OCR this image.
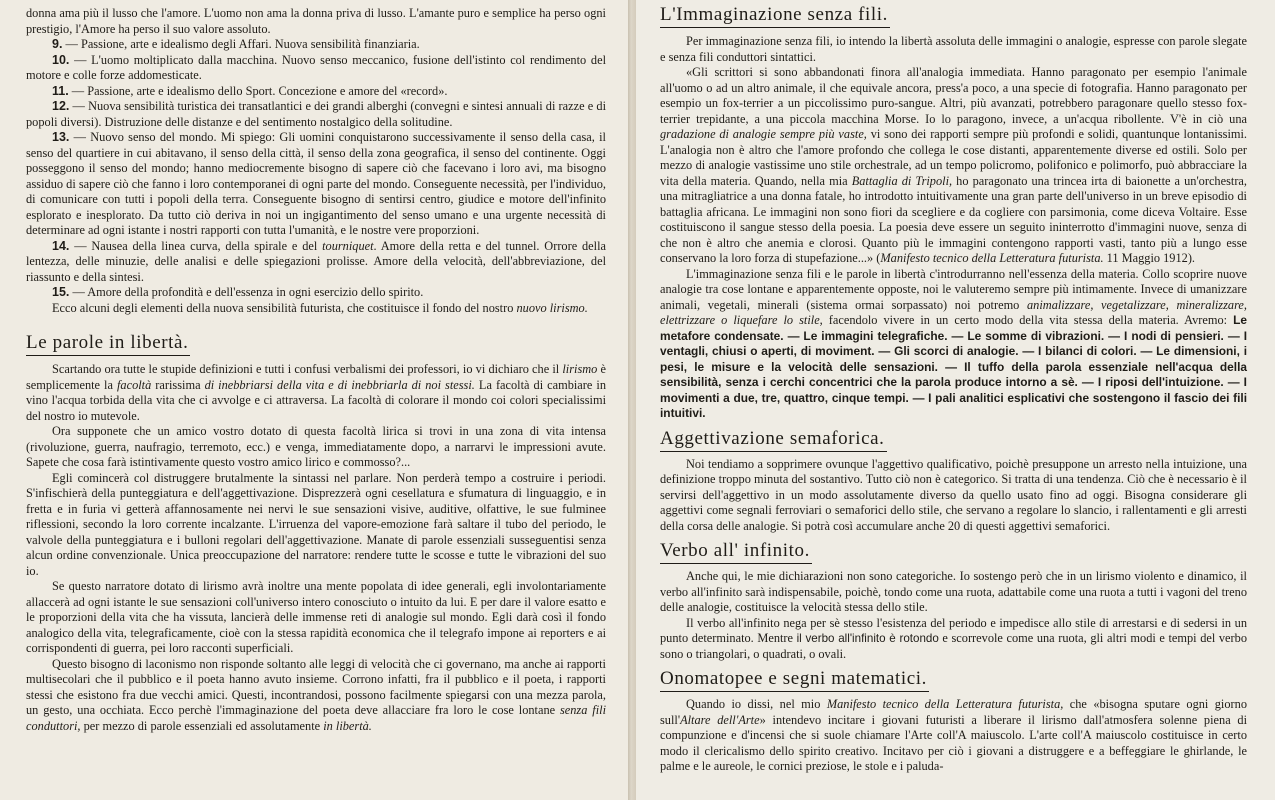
donna ama più il lusso che l'amore. L'uomo non ama la donna priva di lusso. L'amante puro e semplice ha perso ogni prestigio, l'Amore ha perso il suo valore assoluto.

9. — Passione, arte e idealismo degli Affari. Nuova sensibilità finanziaria.

10. — L'uomo moltiplicato dalla macchina. Nuovo senso meccanico, fusione dell'istinto col rendimento del motore e colle forze addomesticate.

11. — Passione, arte e idealismo dello Sport. Concezione e amore del «record».

12. — Nuova sensibilità turistica dei transatlantici e dei grandi alberghi (convegni e sintesi annuali di razze e di popoli diversi). Distruzione delle distanze e del sentimento nostalgico della solitudine.

13. — Nuovo senso del mondo. Mi spiego: Gli uomini conquistarono successivamente il senso della casa, il senso del quartiere in cui abitavano, il senso della città, il senso della zona geografica, il senso del continente. Oggi posseggono il senso del mondo; hanno mediocremente bisogno di sapere ciò che facevano i loro avi, ma bisogno assiduo di sapere ciò che fanno i loro contemporanei di ogni parte del mondo. Conseguente necessità, per l'individuo, di comunicare con tutti i popoli della terra. Conseguente bisogno di sentirsi centro, giudice e motore dell'infinito esplorato e inesplorato. Da tutto ciò deriva in noi un ingigantimento del senso umano e una urgente necessità di determinare ad ogni istante i nostri rapporti con tutta l'umanità, e le nostre vere proporzioni.

14. — Nausea della linea curva, della spirale e del tourniquet. Amore della retta e del tunnel. Orrore della lentezza, delle minuzie, delle analisi e delle spiegazioni prolisse. Amore della velocità, dell'abbreviazione, del riassunto e della sintesi.

15. — Amore della profondità e dell'essenza in ogni esercizio dello spirito.

Ecco alcuni degli elementi della nuova sensibilità futurista, che costituisce il fondo del nostro nuovo lirismo.

Le parole in libertà.

Scartando ora tutte le stupide definizioni e tutti i confusi verbalismi dei professori, io vi dichiaro che il lirismo è semplicemente la facoltà rarissima di inebbriarsi della vita e di inebbriarla di noi stessi. La facoltà di cambiare in vino l'acqua torbida della vita che ci avvolge e ci attraversa. La facoltà di colorare il mondo coi colori specialissimi del nostro io mutevole.

Ora supponete che un amico vostro dotato di questa facoltà lirica si trovi in una zona di vita intensa (rivoluzione, guerra, naufragio, terremoto, ecc.) e venga, immediatamente dopo, a narrarvi le impressioni avute. Sapete che cosa farà istintivamente questo vostro amico lirico e commosso?...

Egli comincerà col distruggere brutalmente la sintassi nel parlare. Non perderà tempo a costruire i periodi. S'infischierà della punteggiatura e dell'aggettivazione. Disprezzerà ogni cesellatura e sfumatura di linguaggio, e in fretta e in furia vi getterà affannosamente nei nervi le sue sensazioni visive, auditive, olfattive, le sue fulminee riflessioni, secondo la loro corrente incalzante. L'irruenza del vapore-emozione farà saltare il tubo del periodo, le valvole della punteggiatura e i bulloni regolari dell'aggettivazione. Manate di parole essenziali susseguentisi senza alcun ordine convenzionale. Unica preoccupazione del narratore: rendere tutte le scosse e tutte le vibrazioni del suo io.

Se questo narratore dotato di lirismo avrà inoltre una mente popolata di idee generali, egli involontariamente allaccerà ad ogni istante le sue sensazioni coll'universo intero conosciuto o intuito da lui. E per dare il valore esatto e le proporzioni della vita che ha vissuta, lancierà delle immense reti di analogie sul mondo. Egli darà così il fondo analogico della vita, telegraficamente, cioè con la stessa rapidità economica che il telegrafo impone ai reporters e ai corrispondenti di guerra, pei loro racconti superficiali.

Questo bisogno di laconismo non risponde soltanto alle leggi di velocità che ci governano, ma anche ai rapporti multisecolari che il pubblico e il poeta hanno avuto insieme. Corrono infatti, fra il pubblico e il poeta, i rapporti stessi che esistono fra due vecchi amici. Questi, incontrandosi, possono facilmente spiegarsi con una mezza parola, un gesto, una occhiata. Ecco perchè l'immaginazione del poeta deve allacciare fra loro le cose lontane senza fili conduttori, per mezzo di parole essenziali ed assolutamente in libertà.

L'Immaginazione senza fili.

Per immaginazione senza fili, io intendo la libertà assoluta delle immagini o analogie, espresse con parole slegate e senza fili conduttori sintattici.

«Gli scrittori si sono abbandonati finora all'analogia immediata. Hanno paragonato per esempio l'animale all'uomo o ad un altro animale, il che equivale ancora, press'a poco, a una specie di fotografia. Hanno paragonato per esempio un fox-terrier a un piccolissimo puro-sangue. Altri, più avanzati, potrebbero paragonare quello stesso fox-terrier trepidante, a una piccola macchina Morse. Io lo paragono, invece, a un'acqua ribollente. V'è in ciò una gradazione di analogie sempre più vaste, vi sono dei rapporti sempre più profondi e solidi, quantunque lontanissimi. L'analogia non è altro che l'amore profondo che collega le cose distanti, apparentemente diverse ed ostili. Solo per mezzo di analogie vastissime uno stile orchestrale, ad un tempo policromo, polifonico e polimorfo, può abbracciare la vita della materia. Quando, nella mia Battaglia di Tripoli, ho paragonato una trincea irta di baionette a un'orchestra, una mitragliatrice a una donna fatale, ho introdotto intuitivamente una gran parte dell'universo in un breve episodio di battaglia africana. Le immagini non sono fiori da scegliere e da cogliere con parsimonia, come diceva Voltaire. Esse costituiscono il sangue stesso della poesia. La poesia deve essere un seguito ininterrotto d'immagini nuove, senza di che non è altro che anemia e clorosi. Quanto più le immagini contengono rapporti vasti, tanto più a lungo esse conservano la loro forza di stupefazione...» (Manifesto tecnico della Letteratura futurista. 11 Maggio 1912).

L'immaginazione senza fili e le parole in libertà c'introdurranno nell'essenza della materia. Collo scoprire nuove analogie tra cose lontane e apparentemente opposte, noi le valuteremo sempre più intimamente. Invece di umanizzare animali, vegetali, minerali (sistema ormai sorpassato) noi potremo animalizzare, vegetalizzare, mineralizzare, elettrizzare o liquefare lo stile, facendolo vivere in un certo modo della vita stessa della materia. Avremo: Le metafore condensate. — Le immagini telegrafiche. — Le somme di vibrazioni. — I nodi di pensieri. — I ventagli, chiusi o aperti, di moviment. — Gli scorci di analogie. — I bilanci di colori. — Le dimensioni, i pesi, le misure e la velocità delle sensazioni. — Il tuffo della parola essenziale nell'acqua della sensibilità, senza i cerchi concentrici che la parola produce intorno a sè. — I riposi dell'intuizione. — I movimenti a due, tre, quattro, cinque tempi. — I pali analitici esplicativi che sostengono il fascio dei fili intuitivi.

Aggettivazione semaforica.

Noi tendiamo a sopprimere ovunque l'aggettivo qualificativo, poichè presuppone un arresto nella intuizione, una definizione troppo minuta del sostantivo. Tutto ciò non è categorico. Si tratta di una tendenza. Ciò che è necessario è il servirsi dell'aggettivo in un modo assolutamente diverso da quello usato fino ad oggi. Bisogna considerare gli aggettivi come segnali ferroviari o semaforici dello stile, che servano a regolare lo slancio, i rallentamenti e gli arresti della corsa delle analogie. Si potrà così accumulare anche 20 di questi aggettivi semaforici.

Verbo all' infinito.

Anche qui, le mie dichiarazioni non sono categoriche. Io sostengo però che in un lirismo violento e dinamico, il verbo all'infinito sarà indispensabile, poichè, tondo come una ruota, adattabile come una ruota a tutti i vagoni del treno delle analogie, costituisce la velocità stessa dello stile.

Il verbo all'infinito nega per sè stesso l'esistenza del periodo e impedisce allo stile di arrestarsi e di sedersi in un punto determinato. Mentre il verbo all'infinito è rotondo e scorrevole come una ruota, gli altri modi e tempi del verbo sono o triangolari, o quadrati, o ovali.

Onomatopee e segni matematici.

Quando io dissi, nel mio Manifesto tecnico della Letteratura futurista, che «bisogna sputare ogni giorno sull'Altare dell'Arte» intendevo incitare i giovani futuristi a liberare il lirismo dall'atmosfera solenne piena di compunzione e d'incensi che si suole chiamare l'Arte coll'A maiuscolo. L'arte coll'A maiuscolo costituisce in certo modo il clericalismo dello spirito creativo. Incitavo per ciò i giovani a distruggere e a beffeggiare le ghirlande, le palme e le aureole, le cornici preziose, le stole e i paluda-
